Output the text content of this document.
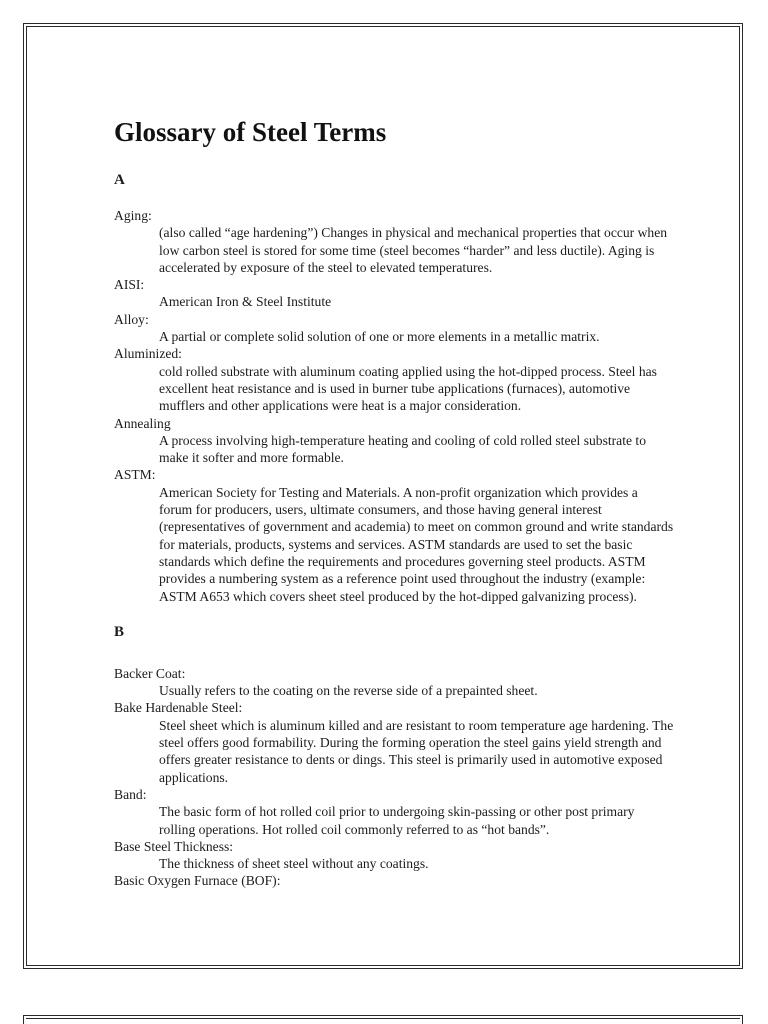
Glossary of Steel Terms
A
Aging:
(also called “age hardening”) Changes in physical and mechanical properties that occur when low carbon steel is stored for some time (steel becomes “harder” and less ductile). Aging is accelerated by exposure of the steel to elevated temperatures.
AISI:
American Iron & Steel Institute
Alloy:
A partial or complete solid solution of one or more elements in a metallic matrix.
Aluminized:
cold rolled substrate with aluminum coating applied using the hot-dipped process. Steel has excellent heat resistance and is used in burner tube applications (furnaces), automotive mufflers and other applications were heat is a major consideration.
Annealing
A process involving high-temperature heating and cooling of cold rolled steel substrate to make it softer and more formable.
ASTM:
American Society for Testing and Materials. A non-profit organization which provides a forum for producers, users, ultimate consumers, and those having general interest (representatives of government and academia) to meet on common ground and write standards for materials, products, systems and services. ASTM standards are used to set the basic standards which define the requirements and procedures governing steel products. ASTM provides a numbering system as a reference point used throughout the industry (example: ASTM A653 which covers sheet steel produced by the hot-dipped galvanizing process).
B
Backer Coat:
Usually refers to the coating on the reverse side of a prepainted sheet.
Bake Hardenable Steel:
Steel sheet which is aluminum killed and are resistant to room temperature age hardening. The steel offers good formability. During the forming operation the steel gains yield strength and offers greater resistance to dents or dings. This steel is primarily used in automotive exposed applications.
Band:
The basic form of hot rolled coil prior to undergoing skin-passing or other post primary rolling operations. Hot rolled coil commonly referred to as “hot bands”.
Base Steel Thickness:
The thickness of sheet steel without any coatings.
Basic Oxygen Furnace (BOF):
